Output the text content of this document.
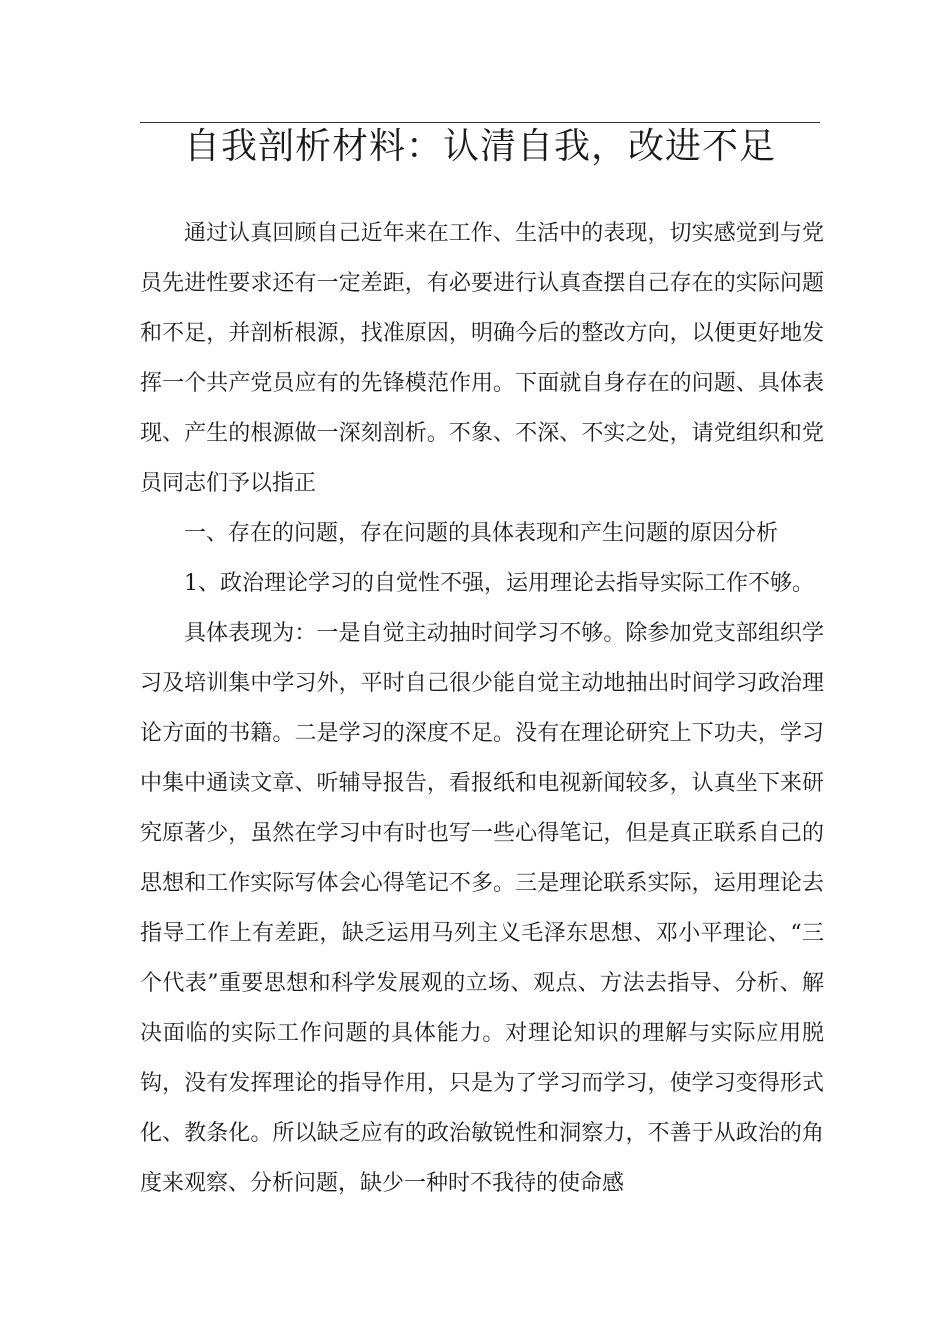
自我剖析材料：认清自我，改进不足

通过认真回顾自己近年来在工作、生活中的表现，切实感觉到与党员先进性要求还有一定差距，有必要进行认真查摆自己存在的实际问题和不足，并剖析根源，找准原因，明确今后的整改方向，以便更好地发挥一个共产党员应有的先锋模范作用。下面就自身存在的问题、具体表现、产生的根源做一深刻剖析。不象、不深、不实之处，请党组织和党员同志们予以指正

一、存在的问题，存在问题的具体表现和产生问题的原因分析

1、政治理论学习的自觉性不强，运用理论去指导实际工作不够。

具体表现为：一是自觉主动抽时间学习不够。除参加党支部组织学习及培训集中学习外，平时自己很少能自觉主动地抽出时间学习政治理论方面的书籍。二是学习的深度不足。没有在理论研究上下功夫，学习中集中通读文章、听辅导报告，看报纸和电视新闻较多，认真坐下来研究原著少，虽然在学习中有时也写一些心得笔记，但是真正联系自己的思想和工作实际写体会心得笔记不多。三是理论联系实际，运用理论去指导工作上有差距，缺乏运用马列主义毛泽东思想、邓小平理论、“三个代表”重要思想和科学发展观的立场、观点、方法去指导、分析、解决面临的实际工作问题的具体能力。对理论知识的理解与实际应用脱钩，没有发挥理论的指导作用，只是为了学习而学习，使学习变得形式化、教条化。所以缺乏应有的政治敏锐性和洞察力，不善于从政治的角度来观察、分析问题，缺少一种时不我待的使命感
